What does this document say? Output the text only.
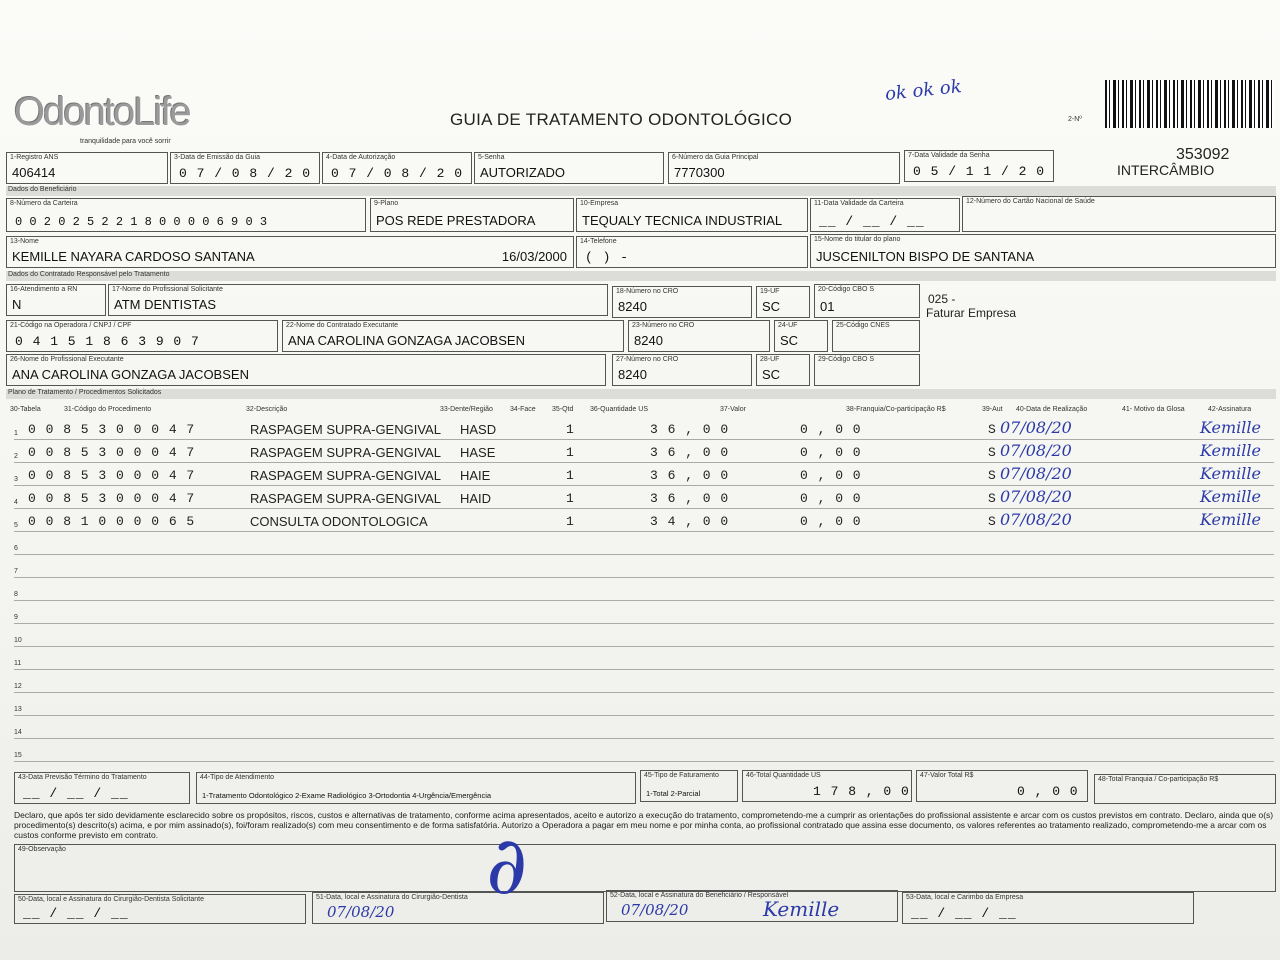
OdontoLife
tranquilidade para você sorrir
GUIA DE TRATAMENTO ODONTOLÓGICO
ok ok ok
2-Nº
353092
INTERCÂMBIO
1-Registro ANS
406414
3-Data de Emissão da Guia
0 7 / 0 8 / 2 0
4-Data de Autorização
0 7 / 0 8 / 2 0
5-Senha
AUTORIZADO
6-Número da Guia Principal
7770300
7-Data Validade da Senha
0 5 / 1 1 / 2 0
Dados do Beneficiário
8-Número da Carteira
0 0 2 0 2 5 2 2 1 8 0 0 0 0 6 9 0 3
9-Plano
POS REDE PRESTADORA
10-Empresa
TEQUALY TECNICA INDUSTRIAL
11-Data Validade da Carteira
__ / __ / __
12-Número do Cartão Nacional de Saúde
13-Nome
KEMILLE NAYARA CARDOSO SANTANA	16/03/2000
14-Telefone
( ) -
15-Nome do titular do plano
JUSCENILTON BISPO DE SANTANA
Dados do Contratado Responsável pelo Tratamento
16-Atendimento a RN
N
17-Nome do Profissional Solicitante
ATM DENTISTAS
18-Número no CRO
8240
19-UF
SC
20-Código CBO S
01	025 -
Faturar Empresa
21-Código na Operadora / CNPJ / CPF
0 4 1 5 1 8 6 3 9 0 7
22-Nome do Contratado Executante
ANA CAROLINA GONZAGA JACOBSEN
23-Número no CRO
8240
24-UF
SC
25-Código CNES
26-Nome do Profissional Executante
ANA CAROLINA GONZAGA JACOBSEN
27-Número no CRO
8240
28-UF
SC
29-Código CBO S
Plano de Tratamento / Procedimentos Solicitados
30-Tabela	31-Código do Procedimento	32-Descrição	33-Dente/Região 34-Face 35-Qtd 36-Quantidade US	37-Valor	38-Franquia/Co-participação R$	39-Aut 40-Data de Realização	41- Motivo da Glosa	42-Assinatura
1 0 0 8 5 3 0 0 0 4 7	RASPAGEM SUPRA-GENGIVAL HASD	1	3 6 , 0 0	0 , 0 0	S 07/08/20	Kemille
2 0 0 8 5 3 0 0 0 4 7	RASPAGEM SUPRA-GENGIVAL HASE	1	3 6 , 0 0	0 , 0 0	S 07/08/20	Kemille
3 0 0 8 5 3 0 0 0 4 7	RASPAGEM SUPRA-GENGIVAL HAIE	1	3 6 , 0 0	0 , 0 0	S 07/08/20	Kemille
4 0 0 8 5 3 0 0 0 4 7	RASPAGEM SUPRA-GENGIVAL HAID	1	3 6 , 0 0	0 , 0 0	S 07/08/20	Kemille
5 0 0 8 1 0 0 0 0 6 5	CONSULTA ODONTOLOGICA	1	3 4 , 0 0	0 , 0 0	S 07/08/20	Kemille
6
7
8
9
10
11
12
13
14
15
43-Data Previsão Término do Tratamento
__ / __ / __
44-Tipo de Atendimento
1-Tratamento Odontológico 2-Exame Radiológico 3-Ortodontia 4-Urgência/Emergência
45-Tipo de Faturamento
1-Total 2-Parcial
46-Total Quantidade US
1 7 8 , 0 0
47-Valor Total R$
0 , 0 0
48-Total Franquia / Co-participação R$
Declaro, que após ter sido devidamente esclarecido sobre os propósitos, riscos, custos e alternativas de tratamento, conforme acima apresentados, aceito e autorizo a execução do tratamento, comprometendo-me a cumprir as orientações do profissional assistente e arcar com os custos previstos em contrato. Declaro, ainda que o(s) procedimento(s) descrito(s) acima, e por mim assinado(s), foi/foram realizado(s) com meu consentimento e de forma satisfatória. Autorizo a Operadora a pagar em meu nome e por minha conta, ao profissional contratado que assina esse documento, os valores referentes ao tratamento realizado, comprometendo-me a arcar com os custos conforme previsto em contrato.
49-Observação
50-Data, local e Assinatura do Cirurgião-Dentista Solicitante
__ / __ / __
51-Data, local e Assinatura do Cirurgião-Dentista
07/08/20 ∂	52-Data, local e Assinatura do Beneficiário / Responsável
07/08/20	Kemille	53-Data, local e Carimbo da Empresa
__ / __ / __
